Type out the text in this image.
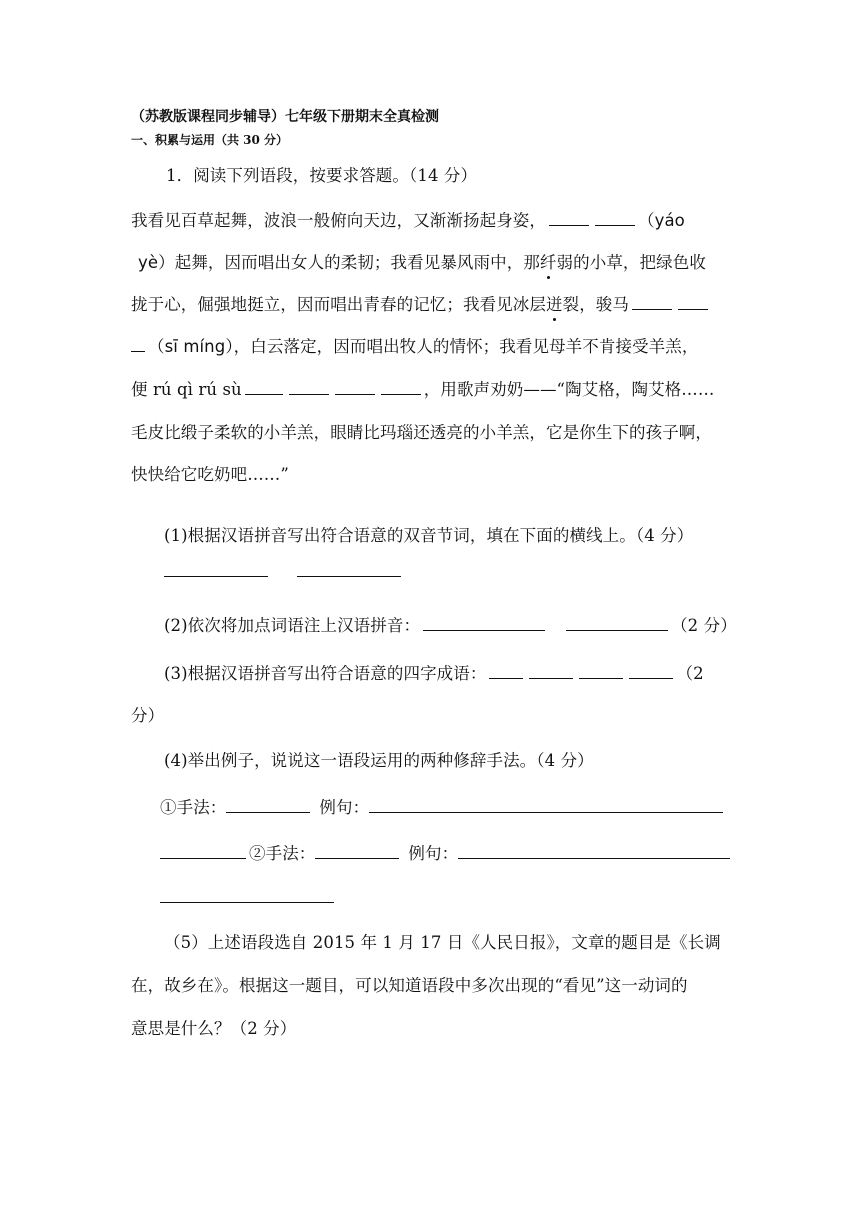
（苏教版课程同步辅导）七年级下册期末全真检测
一、积累与运用（共 30 分）
1．阅读下列语段，按要求答题。（14 分）
我看见百草起舞，波浪一般俯向天边，又渐渐扬起身姿，	（yáo
yè）起舞，因而唱出女人的柔韧；我看见暴风雨中，那纤弱的小草，把绿色收
拢于心，倔强地挺立，因而唱出青春的记忆；我看见冰层迸裂，骏马
（sī míng），白云落定，因而唱出牧人的情怀；我看见母羊不肯接受羊羔，
便 rú qì rú sù	，用歌声劝奶——“陶艾格，陶艾格……
毛皮比缎子柔软的小羊羔，眼睛比玛瑙还透亮的小羊羔，它是你生下的孩子啊，
快快给它吃奶吧……”
(1)根据汉语拼音写出符合语意的双音节词，填在下面的横线上。（4 分）
(2)依次将加点词语注上汉语拼音：	（2 分）
(3)根据汉语拼音写出符合语意的四字成语：	（2
分）
(4)举出例子，说说这一语段运用的两种修辞手法。（4 分）
①手法：	例句：
②手法：	例句：
（5）上述语段选自 2015 年 1 月 17 日《人民日报》，文章的题目是《长调
在，故乡在》。根据这一题目，可以知道语段中多次出现的“看见”这一动词的
意思是什么？（2 分）
